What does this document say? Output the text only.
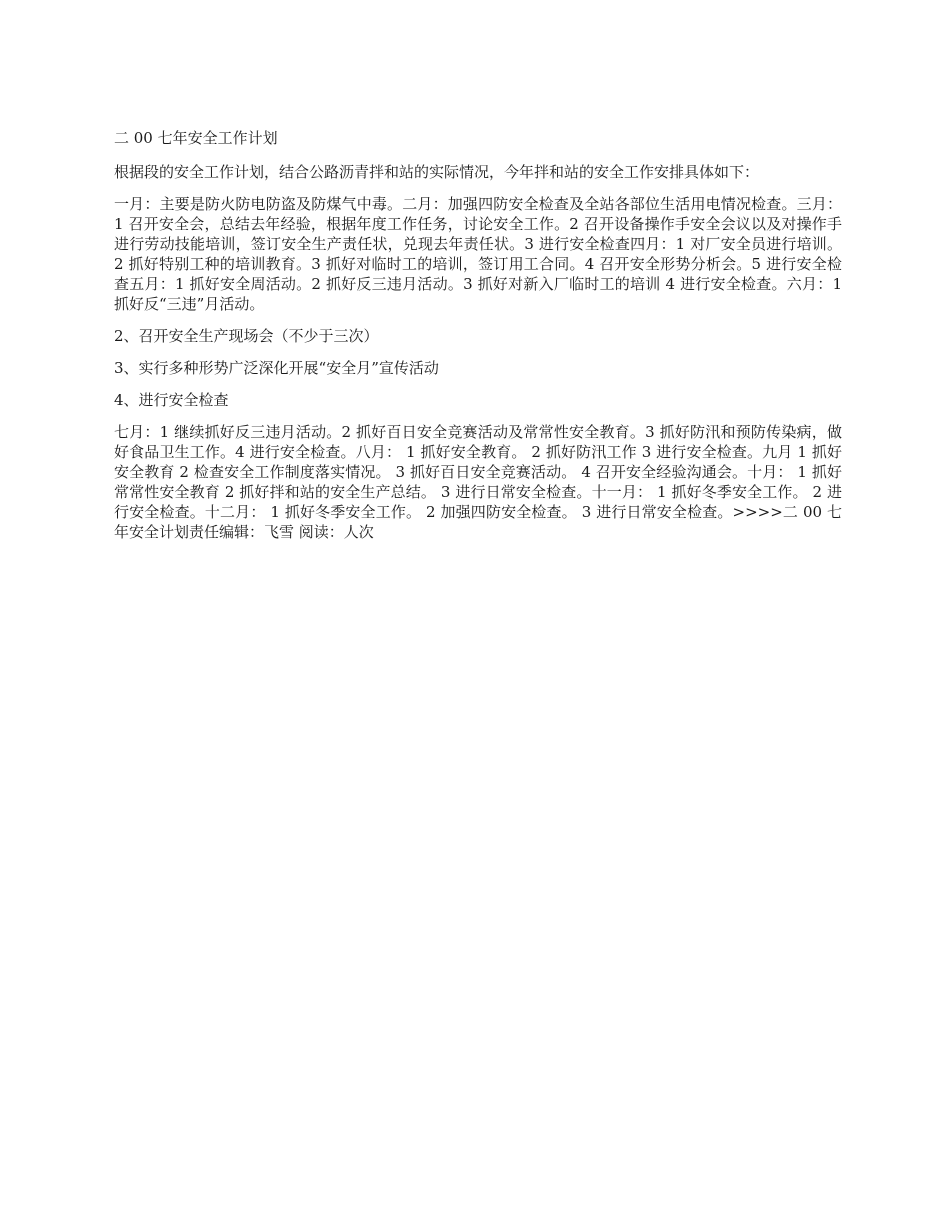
二 00 七年安全工作计划

根据段的安全工作计划，结合公路沥青拌和站的实际情况，今年拌和站的安全工作安排具体如下：

一月：主要是防火防电防盗及防煤气中毒。二月：加强四防安全检查及全站各部位生活用电情况检查。三月：1 召开安全会，总结去年经验，根据年度工作任务，讨论安全工作。2 召开设备操作手安全会议以及对操作手进行劳动技能培训，签订安全生产责任状，兑现去年责任状。3 进行安全检查四月：1 对厂安全员进行培训。2 抓好特别工种的培训教育。3 抓好对临时工的培训，签订用工合同。4 召开安全形势分析会。5 进行安全检查五月：1 抓好安全周活动。2 抓好反三违月活动。3 抓好对新入厂临时工的培训 4 进行安全检查。六月：1 抓好反“三违”月活动。

2、召开安全生产现场会（不少于三次）

3、实行多种形势广泛深化开展“安全月”宣传活动

4、进行安全检查

七月：1 继续抓好反三违月活动。2 抓好百日安全竞赛活动及常常性安全教育。3 抓好防汛和预防传染病，做好食品卫生工作。4 进行安全检查。八月： 1 抓好安全教育。 2 抓好防汛工作 3 进行安全检查。九月 1 抓好安全教育 2 检查安全工作制度落实情况。 3 抓好百日安全竞赛活动。 4 召开安全经验沟通会。十月： 1 抓好常常性安全教育 2 抓好拌和站的安全生产总结。 3 进行日常安全检查。十一月： 1 抓好冬季安全工作。 2 进行安全检查。十二月： 1 抓好冬季安全工作。 2 加强四防安全检查。 3 进行日常安全检查。>>>>二 00 七年安全计划责任编辑：飞雪 阅读：人次
